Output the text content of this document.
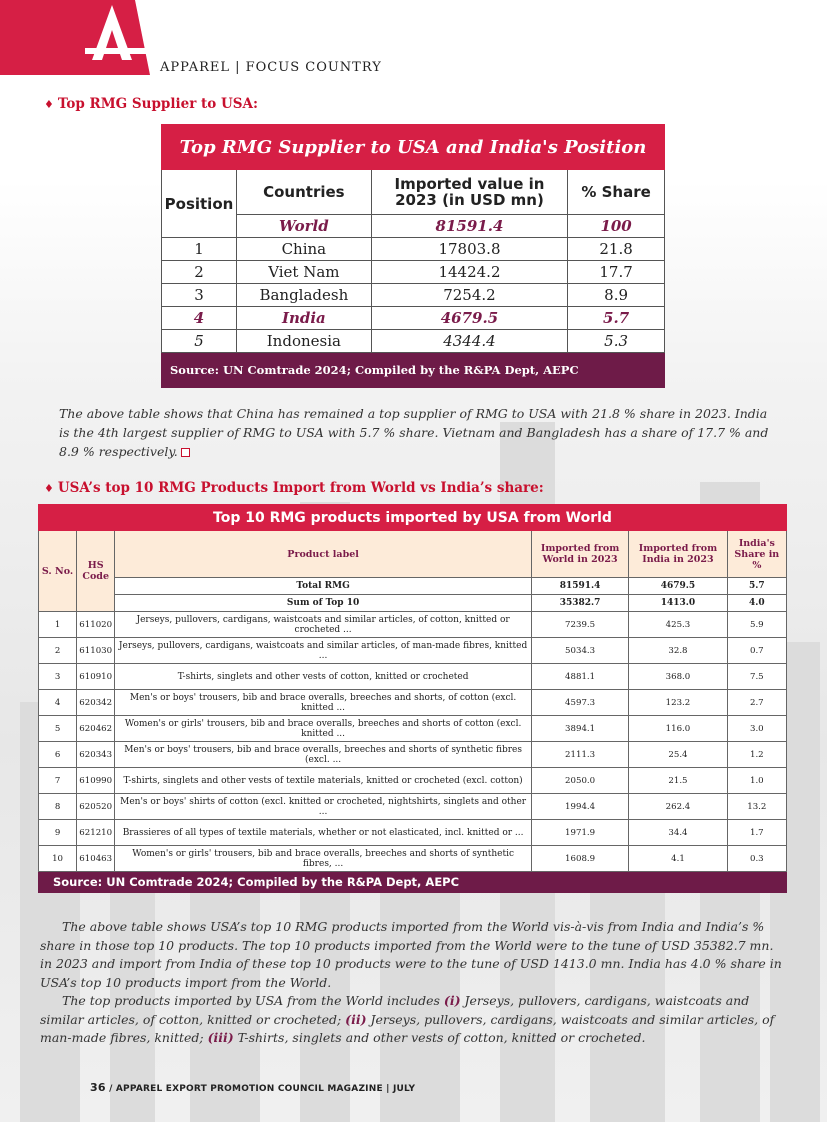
APPAREL | FOCUS COUNTRY
♦ Top RMG Supplier to USA:
Top RMG Supplier to USA and India's Position			
Position	Countries	Imported value in 2023 (in USD mn)	% Share
	World	81591.4	100
1	China	17803.8	21.8
2	Viet Nam	14424.2	17.7
3	Bangladesh	7254.2	8.9
4	India	4679.5	5.7
5	Indonesia	4344.4	5.3
Source: UN Comtrade 2024; Compiled by the R&PA Dept, AEPC			
The above table shows that China has remained a top supplier of RMG to USA with 21.8 % share in 2023. India is the 4th largest supplier of RMG to USA with 5.7 % share. Vietnam and Bangladesh has a share of 17.7 % and 8.9 % respectively.
♦ USA’s top 10 RMG Products Import from World vs India’s share:
Top 10 RMG products imported by USA from World					
S. No.	HS Code	Product label	Imported from World in 2023	Imported from India in 2023	India's Share in %
		Total RMG	81591.4	4679.5	5.7
		Sum of Top 10	35382.7	1413.0	4.0
1	611020	Jerseys, pullovers, cardigans, waistcoats and similar articles, of cotton, knitted or crocheted ...	7239.5	425.3	5.9
2	611030	Jerseys, pullovers, cardigans, waistcoats and similar articles, of man-made fibres, knitted ...	5034.3	32.8	0.7
3	610910	T-shirts, singlets and other vests of cotton, knitted or crocheted	4881.1	368.0	7.5
4	620342	Men's or boys' trousers, bib and brace overalls, breeches and shorts, of cotton (excl. knitted ...	4597.3	123.2	2.7
5	620462	Women's or girls' trousers, bib and brace overalls, breeches and shorts of cotton (excl. knitted ...	3894.1	116.0	3.0
6	620343	Men's or boys' trousers, bib and brace overalls, breeches and shorts of synthetic fibres (excl. ...	2111.3	25.4	1.2
7	610990	T-shirts, singlets and other vests of textile materials, knitted or crocheted (excl. cotton)	2050.0	21.5	1.0
8	620520	Men's or boys' shirts of cotton (excl. knitted or crocheted, nightshirts, singlets and other ...	1994.4	262.4	13.2
9	621210	Brassieres of all types of textile materials, whether or not elasticated, incl. knitted or ...	1971.9	34.4	1.7
10	610463	Women's or girls' trousers, bib and brace overalls, breeches and shorts of synthetic fibres, ...	1608.9	4.1	0.3
Source: UN Comtrade 2024; Compiled by the R&PA Dept, AEPC					

The above table shows USA’s top 10 RMG products imported from the World vis-à-vis from India and India’s % share in those top 10 products. The top 10 products imported from the World were to the tune of USD 35382.7 mn. in 2023 and import from India of these top 10 products were to the tune of USD 1413.0 mn. India has 4.0 % share in USA’s top 10 products import from the World.

The top products imported by USA from the World includes (i) Jerseys, pullovers, cardigans, waistcoats and similar articles, of cotton, knitted or crocheted; (ii) Jerseys, pullovers, cardigans, waistcoats and similar articles, of man-made fibres, knitted; (iii) T-shirts, singlets and other vests of cotton, knitted or crocheted.

36 / APPAREL EXPORT PROMOTION COUNCIL MAGAZINE | JULY
